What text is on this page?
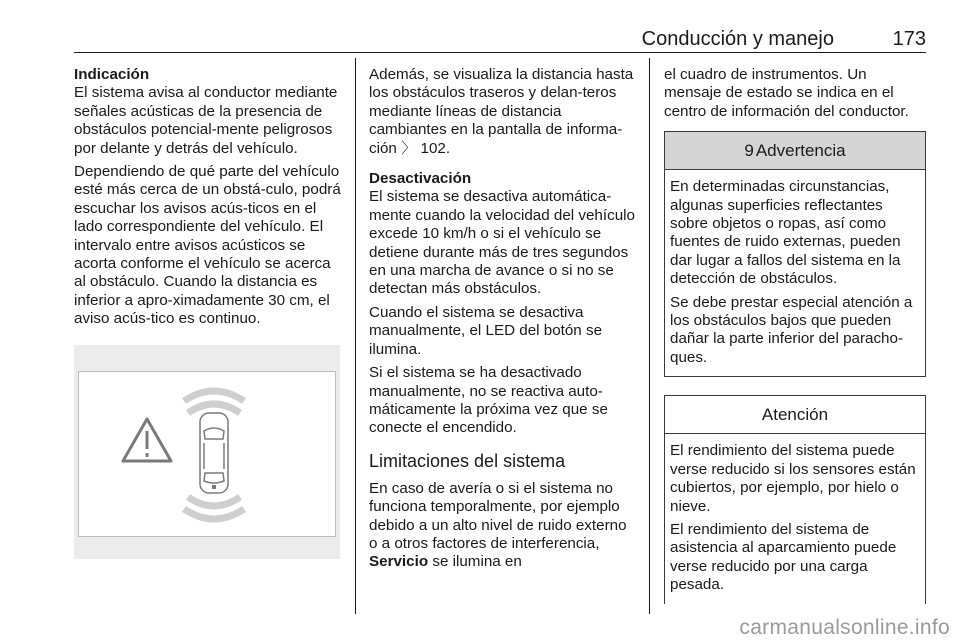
Conducción y manejo	173
Indicación

El sistema avisa al conductor mediante señales acústicas de la presencia de obstáculos potencial-mente peligrosos por delante y detrás del vehículo.

Dependiendo de qué parte del vehículo esté más cerca de un obstá-culo, podrá escuchar los avisos acús-ticos en el lado correspondiente del vehículo. El intervalo entre avisos acústicos se acorta conforme el vehículo se acerca al obstáculo. Cuando la distancia es inferior a apro-ximadamente 30 cm, el aviso acús-tico es continuo.

Además, se visualiza la distancia hasta los obstáculos traseros y delan-teros mediante líneas de distancia cambiantes en la pantalla de informa-ción 〉 102.

Desactivación

El sistema se desactiva automática-mente cuando la velocidad del vehículo excede 10 km/h o si el vehículo se detiene durante más de tres segundos en una marcha de avance o si no se detectan más obstáculos.

Cuando el sistema se desactiva manualmente, el LED del botón se ilumina.

Si el sistema se ha desactivado manualmente, no se reactiva auto-máticamente la próxima vez que se conecte el encendido.

Limitaciones del sistema

En caso de avería o si el sistema no funciona temporalmente, por ejemplo debido a un alto nivel de ruido externo o a otros factores de interferencia, Servicio se ilumina en

el cuadro de instrumentos. Un mensaje de estado se indica en el centro de información del conductor.

9 Advertencia

En determinadas circunstancias, algunas superficies reflectantes sobre objetos o ropas, así como fuentes de ruido externas, pueden dar lugar a fallos del sistema en la detección de obstáculos.

Se debe prestar especial atención a los obstáculos bajos que pueden dañar la parte inferior del paracho-ques.

Atención

El rendimiento del sistema puede verse reducido si los sensores están cubiertos, por ejemplo, por hielo o nieve.

El rendimiento del sistema de asistencia al aparcamiento puede verse reducido por una carga pesada.

carmanualsonline.info
